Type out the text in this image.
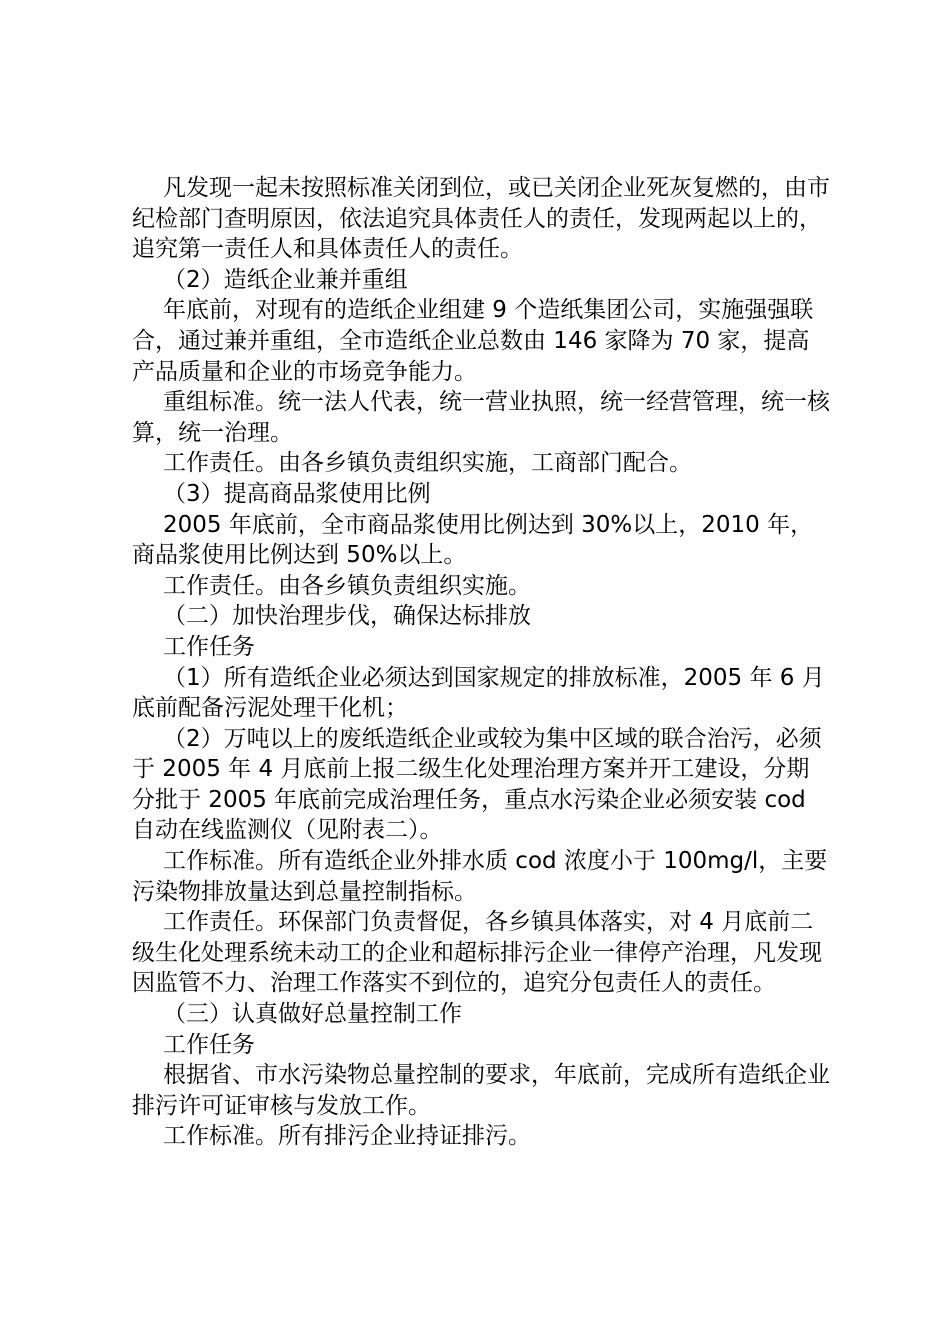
凡发现一起未按照标准关闭到位，或已关闭企业死灰复燃的，由市纪检部门查明原因，依法追究具体责任人的责任，发现两起以上的，追究第一责任人和具体责任人的责任。

（2）造纸企业兼并重组

年底前，对现有的造纸企业组建 9 个造纸集团公司，实施强强联合，通过兼并重组，全市造纸企业总数由 146 家降为 70 家，提高产品质量和企业的市场竞争能力。

重组标准。统一法人代表，统一营业执照，统一经营管理，统一核算，统一治理。

工作责任。由各乡镇负责组织实施，工商部门配合。

（3）提高商品浆使用比例

2005 年底前，全市商品浆使用比例达到 30%以上，2010 年，商品浆使用比例达到 50%以上。

工作责任。由各乡镇负责组织实施。

（二）加快治理步伐，确保达标排放

工作任务

（1）所有造纸企业必须达到国家规定的排放标准，2005 年 6 月底前配备污泥处理干化机；

（2）万吨以上的废纸造纸企业或较为集中区域的联合治污，必须于 2005 年 4 月底前上报二级生化处理治理方案并开工建设，分期分批于 2005 年底前完成治理任务，重点水污染企业必须安装 cod 自动在线监测仪（见附表二）。

工作标准。所有造纸企业外排水质 cod 浓度小于 100mg/l，主要污染物排放量达到总量控制指标。

工作责任。环保部门负责督促，各乡镇具体落实，对 4 月底前二级生化处理系统未动工的企业和超标排污企业一律停产治理，凡发现因监管不力、治理工作落实不到位的，追究分包责任人的责任。

（三）认真做好总量控制工作

工作任务

根据省、市水污染物总量控制的要求，年底前，完成所有造纸企业排污许可证审核与发放工作。

工作标准。所有排污企业持证排污。
